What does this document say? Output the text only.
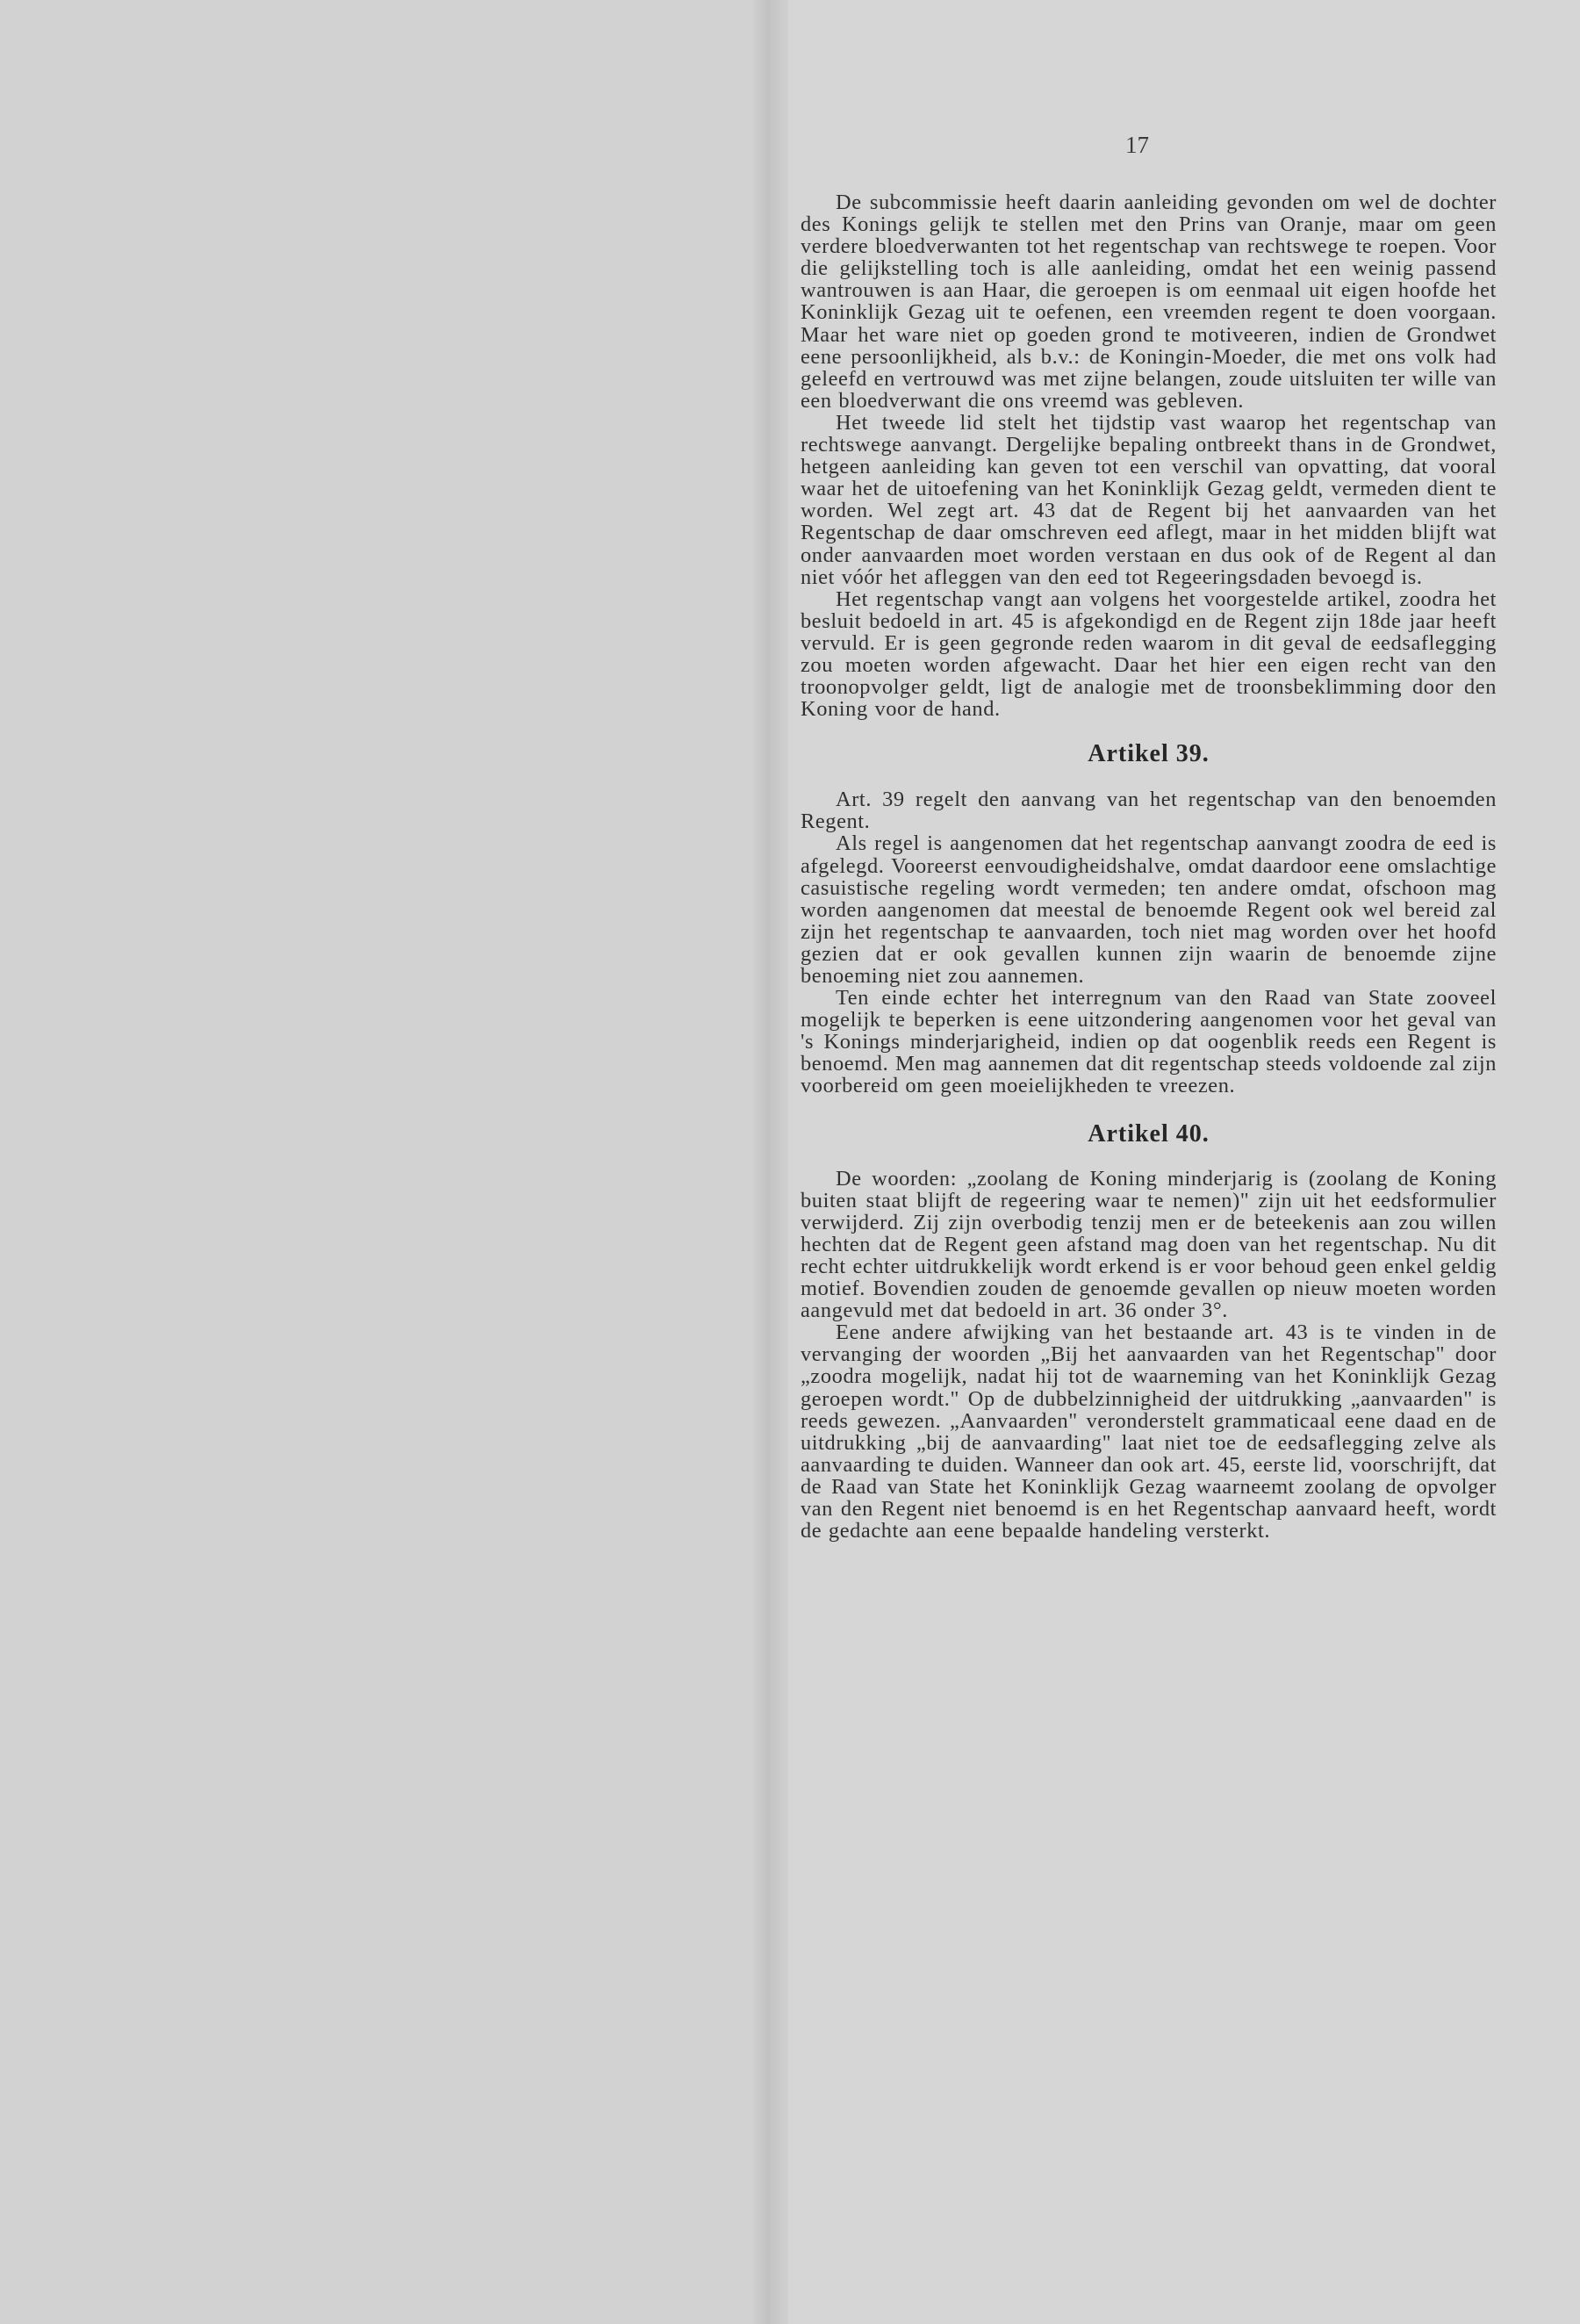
17

De subcommissie heeft daarin aanleiding gevonden om wel de dochter des Konings gelijk te stellen met den Prins van Oranje, maar om geen verdere bloedverwanten tot het regentschap van rechtswege te roepen. Voor die gelijkstelling toch is alle aanleiding, omdat het een weinig passend wantrouwen is aan Haar, die geroepen is om eenmaal uit eigen hoofde het Koninklijk Gezag uit te oefenen, een vreemden regent te doen voorgaan. Maar het ware niet op goeden grond te motiveeren, indien de Grondwet eene persoonlijkheid, als b.v.: de Koningin-Moeder, die met ons volk had geleefd en vertrouwd was met zijne belangen, zoude uitsluiten ter wille van een bloedverwant die ons vreemd was gebleven.

Het tweede lid stelt het tijdstip vast waarop het regentschap van rechtswege aanvangt. Dergelijke bepaling ontbreekt thans in de Grondwet, hetgeen aanleiding kan geven tot een verschil van opvatting, dat vooral waar het de uitoefening van het Koninklijk Gezag geldt, vermeden dient te worden. Wel zegt art. 43 dat de Regent bij het aanvaarden van het Regentschap de daar omschreven eed aflegt, maar in het midden blijft wat onder aanvaarden moet worden verstaan en dus ook of de Regent al dan niet vóór het afleggen van den eed tot Regeeringsdaden bevoegd is.

Het regentschap vangt aan volgens het voorgestelde artikel, zoodra het besluit bedoeld in art. 45 is afgekondigd en de Regent zijn 18de jaar heeft vervuld. Er is geen gegronde reden waarom in dit geval de eedsaflegging zou moeten worden afgewacht. Daar het hier een eigen recht van den troonopvolger geldt, ligt de analogie met de troonsbeklimming door den Koning voor de hand.

Artikel 39.

Art. 39 regelt den aanvang van het regentschap van den benoemden Regent.

Als regel is aangenomen dat het regentschap aanvangt zoodra de eed is afgelegd. Vooreerst eenvoudigheidshalve, omdat daardoor eene omslachtige casuistische regeling wordt vermeden; ten andere omdat, ofschoon mag worden aangenomen dat meestal de benoemde Regent ook wel bereid zal zijn het regentschap te aanvaarden, toch niet mag worden over het hoofd gezien dat er ook gevallen kunnen zijn waarin de benoemde zijne benoeming niet zou aannemen.

Ten einde echter het interregnum van den Raad van State zooveel mogelijk te beperken is eene uitzondering aangenomen voor het geval van 's Konings minderjarigheid, indien op dat oogenblik reeds een Regent is benoemd. Men mag aannemen dat dit regentschap steeds voldoende zal zijn voorbereid om geen moeielijkheden te vreezen.

Artikel 40.

De woorden: „zoolang de Koning minderjarig is (zoolang de Koning buiten staat blijft de regeering waar te nemen)" zijn uit het eedsformulier verwijderd. Zij zijn overbodig tenzij men er de beteekenis aan zou willen hechten dat de Regent geen afstand mag doen van het regentschap. Nu dit recht echter uitdrukkelijk wordt erkend is er voor behoud geen enkel geldig motief. Bovendien zouden de genoemde gevallen op nieuw moeten worden aangevuld met dat bedoeld in art. 36 onder 3°.

Eene andere afwijking van het bestaande art. 43 is te vinden in de vervanging der woorden „Bij het aanvaarden van het Regentschap" door „zoodra mogelijk, nadat hij tot de waarneming van het Koninklijk Gezag geroepen wordt." Op de dubbelzinnigheid der uitdrukking „aanvaarden" is reeds gewezen. „Aanvaarden" veronderstelt grammaticaal eene daad en de uitdrukking „bij de aanvaarding" laat niet toe de eedsaflegging zelve als aanvaarding te duiden. Wanneer dan ook art. 45, eerste lid, voorschrijft, dat de Raad van State het Koninklijk Gezag waarneemt zoolang de opvolger van den Regent niet benoemd is en het Regentschap aanvaard heeft, wordt de gedachte aan eene bepaalde handeling versterkt.
